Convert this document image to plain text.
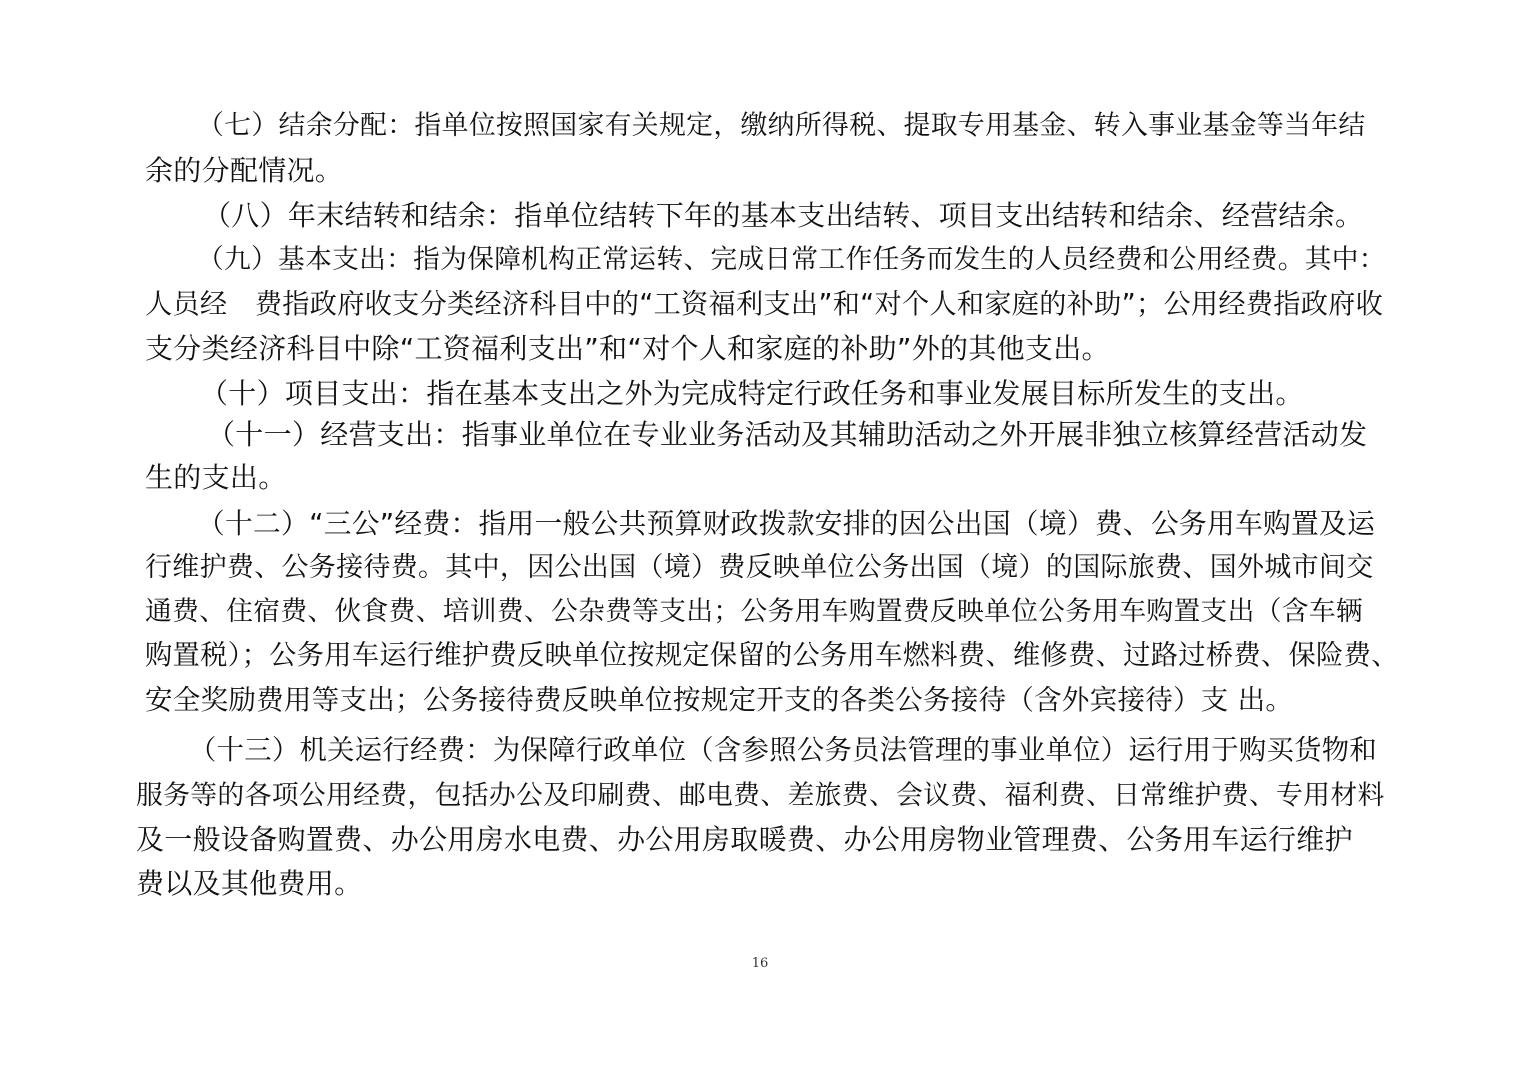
（七）结余分配：指单位按照国家有关规定，缴纳所得税、提取专用基金、转入事业基金等当年结

余的分配情况。

（八）年末结转和结余：指单位结转下年的基本支出结转、项目支出结转和结余、经营结余。

（九）基本支出：指为保障机构正常运转、完成日常工作任务而发生的人员经费和公用经费。其中：

人员经　费指政府收支分类经济科目中的“工资福利支出”和“对个人和家庭的补助”；公用经费指政府收

支分类经济科目中除“工资福利支出”和“对个人和家庭的补助”外的其他支出。

（十）项目支出：指在基本支出之外为完成特定行政任务和事业发展目标所发生的支出。

（十一）经营支出：指事业单位在专业业务活动及其辅助活动之外开展非独立核算经营活动发

生的支出。

（十二）“三公”经费：指用一般公共预算财政拨款安排的因公出国（境）费、公务用车购置及运

行维护费、公务接待费。其中，因公出国（境）费反映单位公务出国（境）的国际旅费、国外城市间交

通费、住宿费、伙食费、培训费、公杂费等支出；公务用车购置费反映单位公务用车购置支出（含车辆

购置税）；公务用车运行维护费反映单位按规定保留的公务用车燃料费、维修费、过路过桥费、保险费、

安全奖励费用等支出；公务接待费反映单位按规定开支的各类公务接待（含外宾接待）支 出。

（十三）机关运行经费：为保障行政单位（含参照公务员法管理的事业单位）运行用于购买货物和

服务等的各项公用经费，包括办公及印刷费、邮电费、差旅费、会议费、福利费、日常维护费、专用材料

及一般设备购置费、办公用房水电费、办公用房取暖费、办公用房物业管理费、公务用车运行维护

费以及其他费用。

16
